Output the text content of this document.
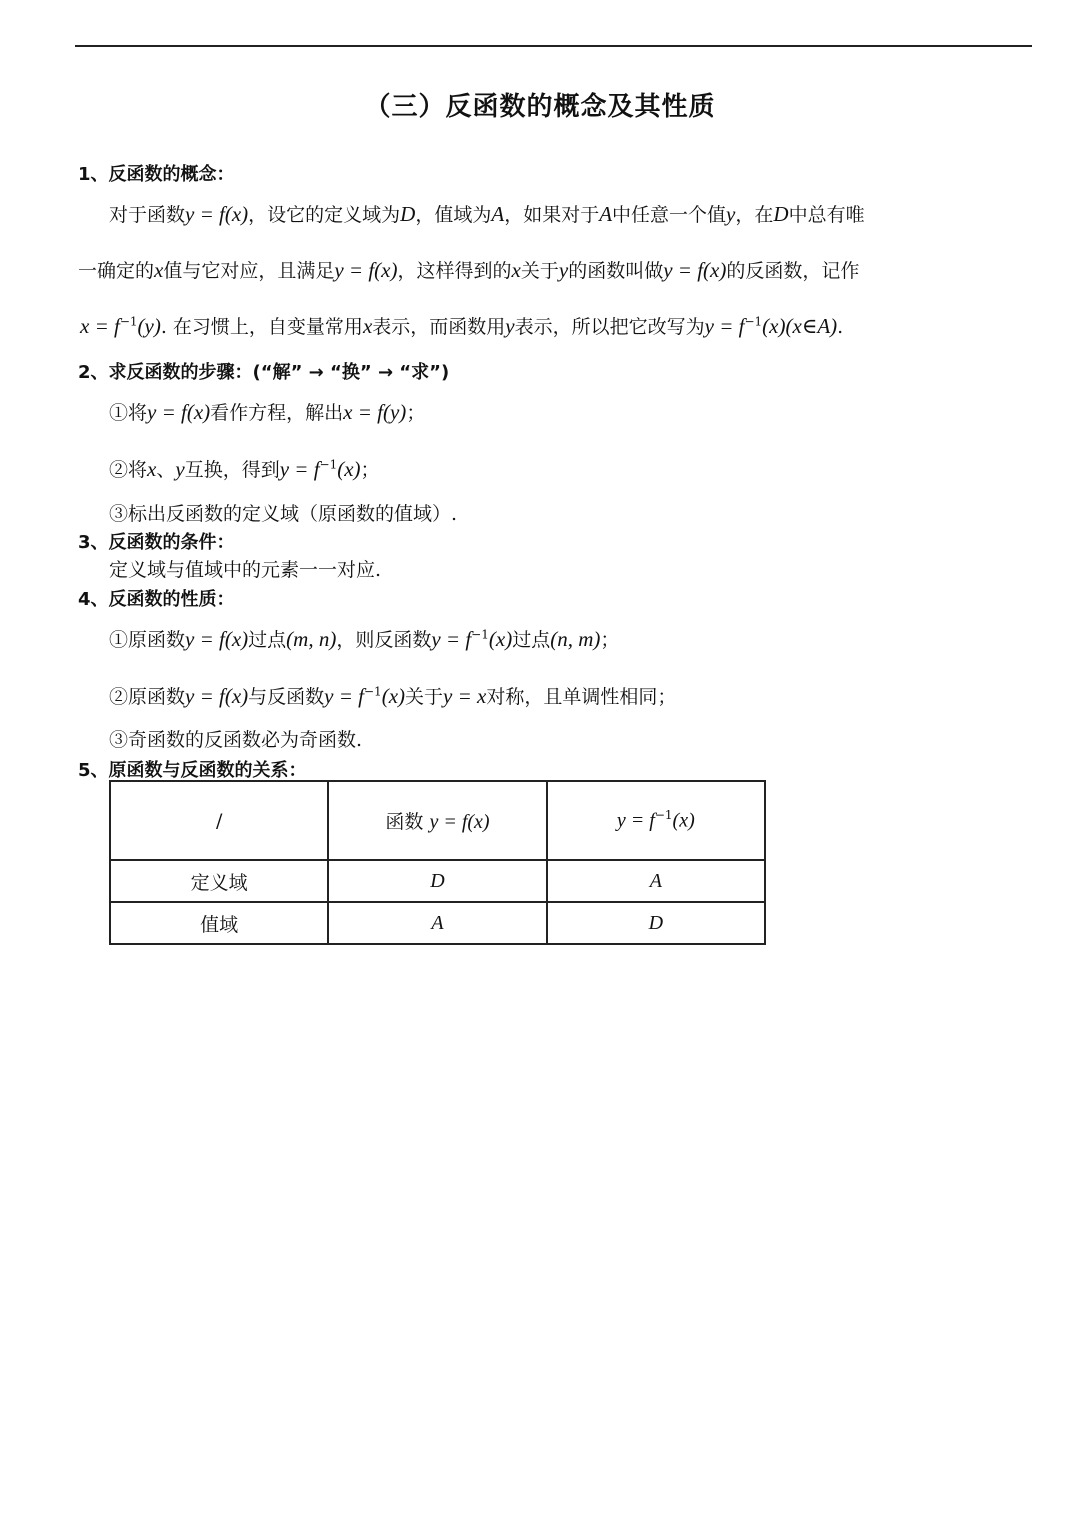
（三）反函数的概念及其性质
1、反函数的概念：
对于函数y = f(x)，设它的定义域为D，值域为A，如果对于A中任意一个值y，在D中总有唯
一确定的x值与它对应，且满足y = f(x)，这样得到的x关于y的函数叫做y = f(x)的反函数，记作
$x = f^{-1}(y)$. 在习惯上，自变量常用x表示，而函数用y表示，所以把它改写为$y = f^{-1}(x)(x\in A)$.
2、求反函数的步骤：(“解” → “换” → “求”)
①将y = f(x)看作方程，解出x = f(y)；
②将x、y互换，得到$y = f^{-1}(x)$；
③标出反函数的定义域（原函数的值域）.
3、反函数的条件：
定义域与值域中的元素一一对应.
4、反函数的性质：
①原函数y = f(x)过点(m, n)，则反函数$y = f^{-1}(x)$过点(n, m)；
②原函数y = f(x)与反函数$y = f^{-1}(x)$关于y = x对称，且单调性相同；
③奇函数的反函数必为奇函数.
5、原函数与反函数的关系：
/	函数 y = f(x)	$y = f^{-1}(x)$
定义域	D	A
值域	A	D
